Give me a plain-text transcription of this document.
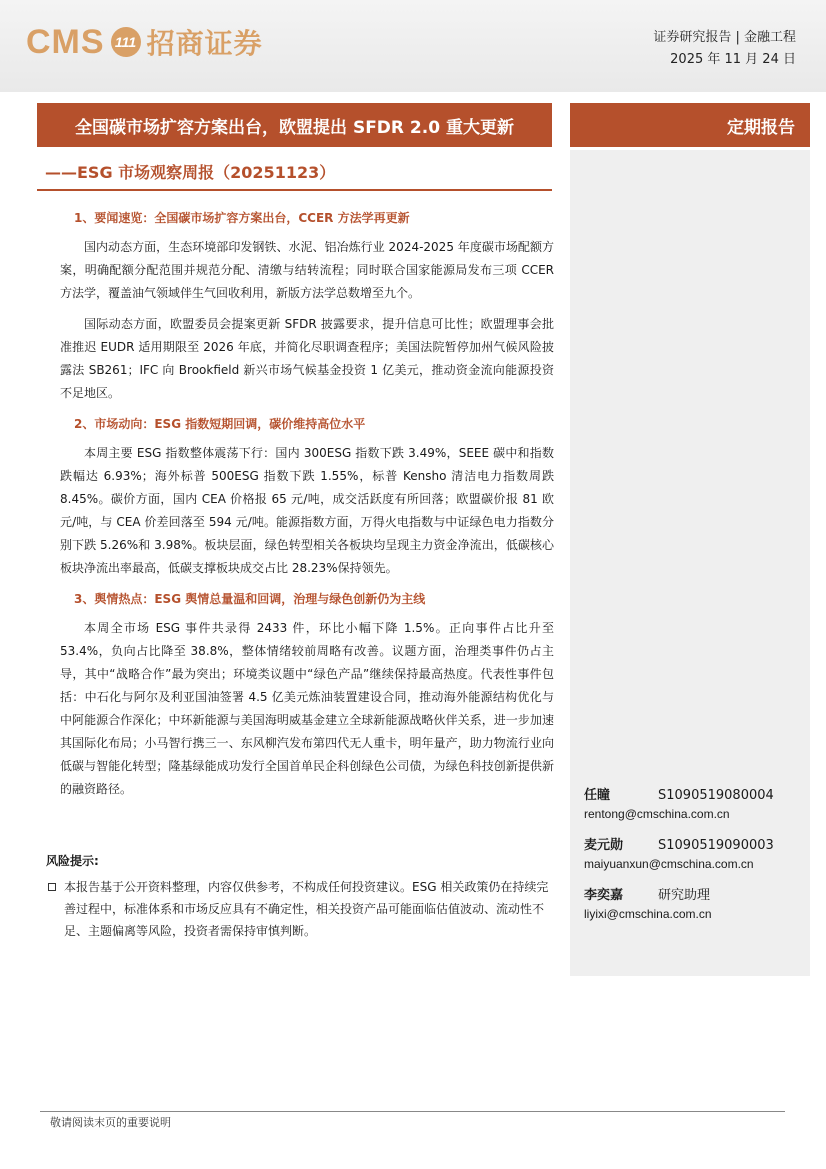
CMS 111 招商证券	证券研究报告 | 金融工程
2025 年 11 月 24 日
全国碳市场扩容方案出台，欧盟提出 SFDR 2.0 重大更新	定期报告
——ESG 市场观察周报（20251123）
1、要闻速览：全国碳市场扩容方案出台，CCER 方法学再更新

国内动态方面，生态环境部印发钢铁、水泥、铝冶炼行业 2024-2025 年度碳市场配额方案，明确配额分配范围并规范分配、清缴与结转流程；同时联合国家能源局发布三项 CCER 方法学，覆盖油气领域伴生气回收利用，新版方法学总数增至九个。

国际动态方面，欧盟委员会提案更新 SFDR 披露要求，提升信息可比性；欧盟理事会批准推迟 EUDR 适用期限至 2026 年底，并简化尽职调查程序；美国法院暂停加州气候风险披露法 SB261；IFC 向 Brookfield 新兴市场气候基金投资 1 亿美元，推动资金流向能源投资不足地区。

2、市场动向：ESG 指数短期回调，碳价维持高位水平

本周主要 ESG 指数整体震荡下行：国内 300ESG 指数下跌 3.49%，SEEE 碳中和指数跌幅达 6.93%；海外标普 500ESG 指数下跌 1.55%，标普 Kensho 清洁电力指数周跌 8.45%。碳价方面，国内 CEA 价格报 65 元/吨，成交活跃度有所回落；欧盟碳价报 81 欧元/吨，与 CEA 价差回落至 594 元/吨。能源指数方面，万得火电指数与中证绿色电力指数分别下跌 5.26%和 3.98%。板块层面，绿色转型相关各板块均呈现主力资金净流出，低碳核心板块净流出率最高，低碳支撑板块成交占比 28.23%保持领先。

3、舆情热点：ESG 舆情总量温和回调，治理与绿色创新仍为主线

本周全市场 ESG 事件共录得 2433 件，环比小幅下降 1.5%。正向事件占比升至 53.4%，负向占比降至 38.8%，整体情绪较前周略有改善。议题方面，治理类事件仍占主导，其中“战略合作”最为突出；环境类议题中“绿色产品”继续保持最高热度。代表性事件包括：中石化与阿尔及利亚国油签署 4.5 亿美元炼油装置建设合同，推动海外能源结构优化与中阿能源合作深化；中环新能源与美国海明威基金建立全球新能源战略伙伴关系，进一步加速其国际化布局；小马智行携三一、东风柳汽发布第四代无人重卡，明年量产，助力物流行业向低碳与智能化转型；隆基绿能成功发行全国首单民企科创绿色公司债，为绿色科技创新提供新的融资路径。	任瞳	S1090519080004
rentong@cmschina.com.cn
麦元勋	S1090519090003
maiyuanxun@cmschina.com.cn
李奕嘉	研究助理
liyixi@cmschina.com.cn
风险提示:
本报告基于公开资料整理，内容仅供参考，不构成任何投资建议。ESG 相关政策仍在持续完善过程中，标准体系和市场反应具有不确定性，相关投资产品可能面临估值波动、流动性不足、主题偏离等风险，投资者需保持审慎判断。
敬请阅读末页的重要说明
